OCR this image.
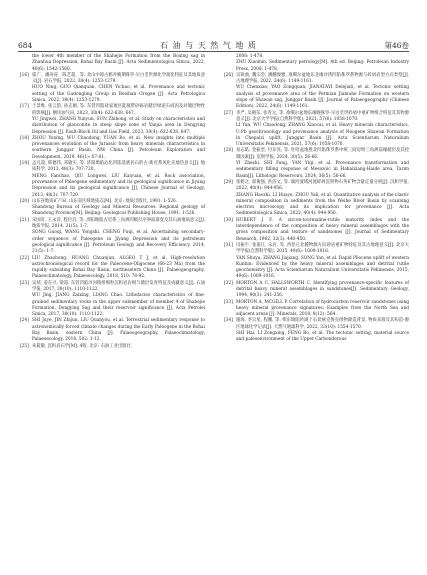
684	石 油 与 天 然 气 地 质	第46卷
the lower 4th member of the Shahejie Formation from the Boxing sag in Zhanhua Depression, Bohai Bay Basin [J]. Acta Sedimentologica Sinica, 2022, 40(6): 1542-1560.
[16] 霍广、潘涛涛、陈艺超、等. 北山中部古鹤井晚期侏罗-早白垩世源化学演化特征及其地质意义[J]. 岩石学报, 2022, 38(4): 1253-1279.
HUO Ning, GUO Qianquan, CHEN Yichao, et al. Provenance and tectonic setting of the Gudongling Group in Beishan Orogen [J]. Acta Petrologica Sinica, 2022, 38(4): 1253-1279.
[17] 于景维, 张云韵, 孙志刚, 等. 东营凹陷盐家地区陡坡带砂砾岩储层绿泥石成因及对储层物性的影响[J]. 断块油气田, 2023, 30(4): 632-638, 647.
YU Jingwei, ZHANG Yunyun, SUN Zhihong, et al. Study on characteristics and distribution of glauconite in steep slope zone of Yanjia area in Dongying Depression [J]. Fault-Block Oil and Gas Field, 2023, 30(4): 632-638, 647.
[18] ZHOU Yuxing, WU Chaodong, YUAN Bo, et al. New insights into multiple provenances evolution of the Jurassic from heavy minerals characteristics in southern Junggar Basin, NW China [J]. Petroleum Exploration and Development, 2019, 46(1): 67-81.
[19] 孟凡超, 韩德伟, 邓敏实, 等. 济阳坳陷沾化凹陷基底岩石的古-新近系风化壳地热意义[J]. 地质科学, 2013, 48(3): 707-720.
MENG Fanchao, QIU Longwei, LIU Kaiyuan, et al. Rock association, provenance of Paleogene sedimentary and its geological significance in Jiyang Depression and its geological significance [J]. Chinese Journal of Geology, 2013, 48(3): 707-720.
[20] 山东省地质矿产局. 山东省区域地质志[M]. 北京: 地质出版社, 1991: 1-526.
Shandong Bureau of Geology and Mineral Resources. Regional geology of Shandong Province[M]. Beijing: Geological Publishing House, 1991: 1-526.
[21] 宋国奇, 王永诗, 程付启, 等. 济阳坳陷古近系三角洲四级层序界面渐变及其石油地质意义[J]. 地质学报, 2014, 21(5): 1-7.
SONG Guoqi, WANG Yongshi, CHENG Fuqi, et al. Ascertaining secondary-order sequence of Paleogene in Jiyang Depression and its petroleum geological significance [J]. Petroleum Geology and Recovery Efficiency, 2014, 21(5): 1-7.
[22] LIU Zhaohong, HUANG Chuanjun, ALGEO T J, et al. High-resolution astrochronological record for the Paleocene-Oligocene (66-23 Ma) from the rapidly subsiding Bohai Bay Basin, northeastern China [J]. Palaeogeography, Palaeoclimatology, Palaeoecology, 2018, 510: 78-92.
[23] 吴靖, 姜在兴, 梁超. 东营凹陷沙河街组细粒沉积岩岩相与储层发育特征及成藏意义[J]. 石油学报, 2017, 38(10): 1110-1122.
WU Jing, JIANG Zaixing, LIANG Chao. Lithofacies characteristics of fine-grained sedimentary rocks in the upper submember of member 4 of Shahejie Formation, Dongying Sag and their reservoir significance [J]. Acta Petrolei Sinica, 2017, 38(10): 1110-1122.
[24] SHI Juye, JIN Zhijun, LIU Quanyou, et al. Terrestrial sedimentary response to astronomically forced climate changes during the Early Paleogene in the Bohai Bay Basin, eastern China [J]. Palaeogeography, Palaeoclimatology, Palaeoecology, 2018, 502: 1-12.
[25] 朱筱敏. 沉积岩石学[M]. 4版. 北京: 石油工业出版社,
2008: 1-478.
ZHU Xiaomin. Sedimentary petrology[M]. 4th ed. Beijing: Petroleum Industry Press, 2008: 1-478.
[26] 吴锐曲, 魏宗会, 潘鹏俊雅, 准噶尔盆地东北缘沙湾凹陷侏罗系物源与碎屑岩型方式类型[J]. 古地理学报, 2022, 24(6): 1149-1161.
WU Chenxiao, YAO Zongquan, JIANATAYI Delejiati, et al. Tectonic setting analysis of provenance area of the Permian Jiamuhe Formation on western slope of Shawan sag, Junggar Basin [J]. Journal of Palaeogeography (Chinese Edition), 2022, 24(6): 1149-1161.
[27] 李严, 吴朝东, 张青元, 等. 准噶尔盆地东缘晚侏罗-早白垩世碎屑中重矿物组合特征及其物源意义[J]. 北京大学学报(自然科学版), 2021, 57(6): 1058-1070.
LI Yan, WU Chaodong, ZHANG Xiaocai, et al. Heavy minerals characteristics, U-Pb geochronology and provenance analysis of Neogene Shawan Formation in Chepaizi uplift, Junggar Basin [J]. Acta Scientiarum Naturalium Universitatis Pekinensis, 2021, 57(6): 1058-1070.
[28] 易志皓, 金振奎, 付东亮, 等. 吐哈盆地胜北凹陷侏罗系中统三间房组三角洲前缘储层及其控制因素[J]. 沉积学报, 2024, 30(5): 56-66.
YI Zhezhi, SHI Fang, YAN Yiqi, et al. Provenance transformation and sedimentary filling response of Mesozoic in Hahaixiang-Haide area, Tarim Basin[J]. Lithologic Reservoirs, 2024, 36(5): 56-66.
[29] 张鹤之, 翟俊强, 洪洁文, 等. 湖河流域河流碎屑沉积物石英矿物含量定量分析[J]. 沉积学报, 2022, 40(4): 944-956.
ZHANG Haozhi, LI Huaye, ZHOU Yali, et al. Quantitative analysis of the clastic mineral composition in sediments from the Weihe River Basin by scanning electron microscopy and its implication for provenance [J]. Acta Sedimentologica Sinica, 2022, 40(4): 944-956.
[30] HUBERT J F. A zircon-tourmaline-rutile maturity index and the interdependence of the composition of heavy mineral assemblages with the gross composition and texture of sandstones [J]. Journal of Sedimentary Research, 1962, 32(3): 440-450.
[31] 闫振宇, 张嘉江, 宋岩, 等. 西昆仑北麓物源方向砂岩重矿物特征及其古地理意义[J]. 北京大学学报(自然科学版), 2015, 49(6): 1009-1016.
YAN Shuyu, ZHANG Jiajiang, SONG Yan, et al. Rapid Pliocene uplift of western Kunlun: Evidenced by the heavy mineral assemblages and detrital rutile geochemistry [J]. Acta Scientiarum Naturalium Universitatis Pekinensis, 2015, 49(6): 1009-1016.
[32] MORTON A C, HALLSWORTH C. Identifying provenance-specific features of detrital heavy mineral assemblages in sandstones[J]. Sedimentary Geology, 1994, 90(3): 241-256.
[33] MORTON A, MCGILL P. Correlation of hydrocarbon reservoir sandstones using heavy mineral provenance signatures: Examples from the North Sea and adjacent areas [J]. Minerals, 2018, 8(12): 564.
[34] 施海, 李宗星, 程鹏, 等. 柴东坳陷吟湖上石炭统克鲁克组物源造背景, 物质来源及其构造-源区地球化学记录[J]. 天然气地球科学, 2022, 33(10): 1554-1570.
SHI Hai, LI Zongxing, FENG Bo, et al. The tectonic setting, material source and paleoenvironment of the Upper Carboniferous
